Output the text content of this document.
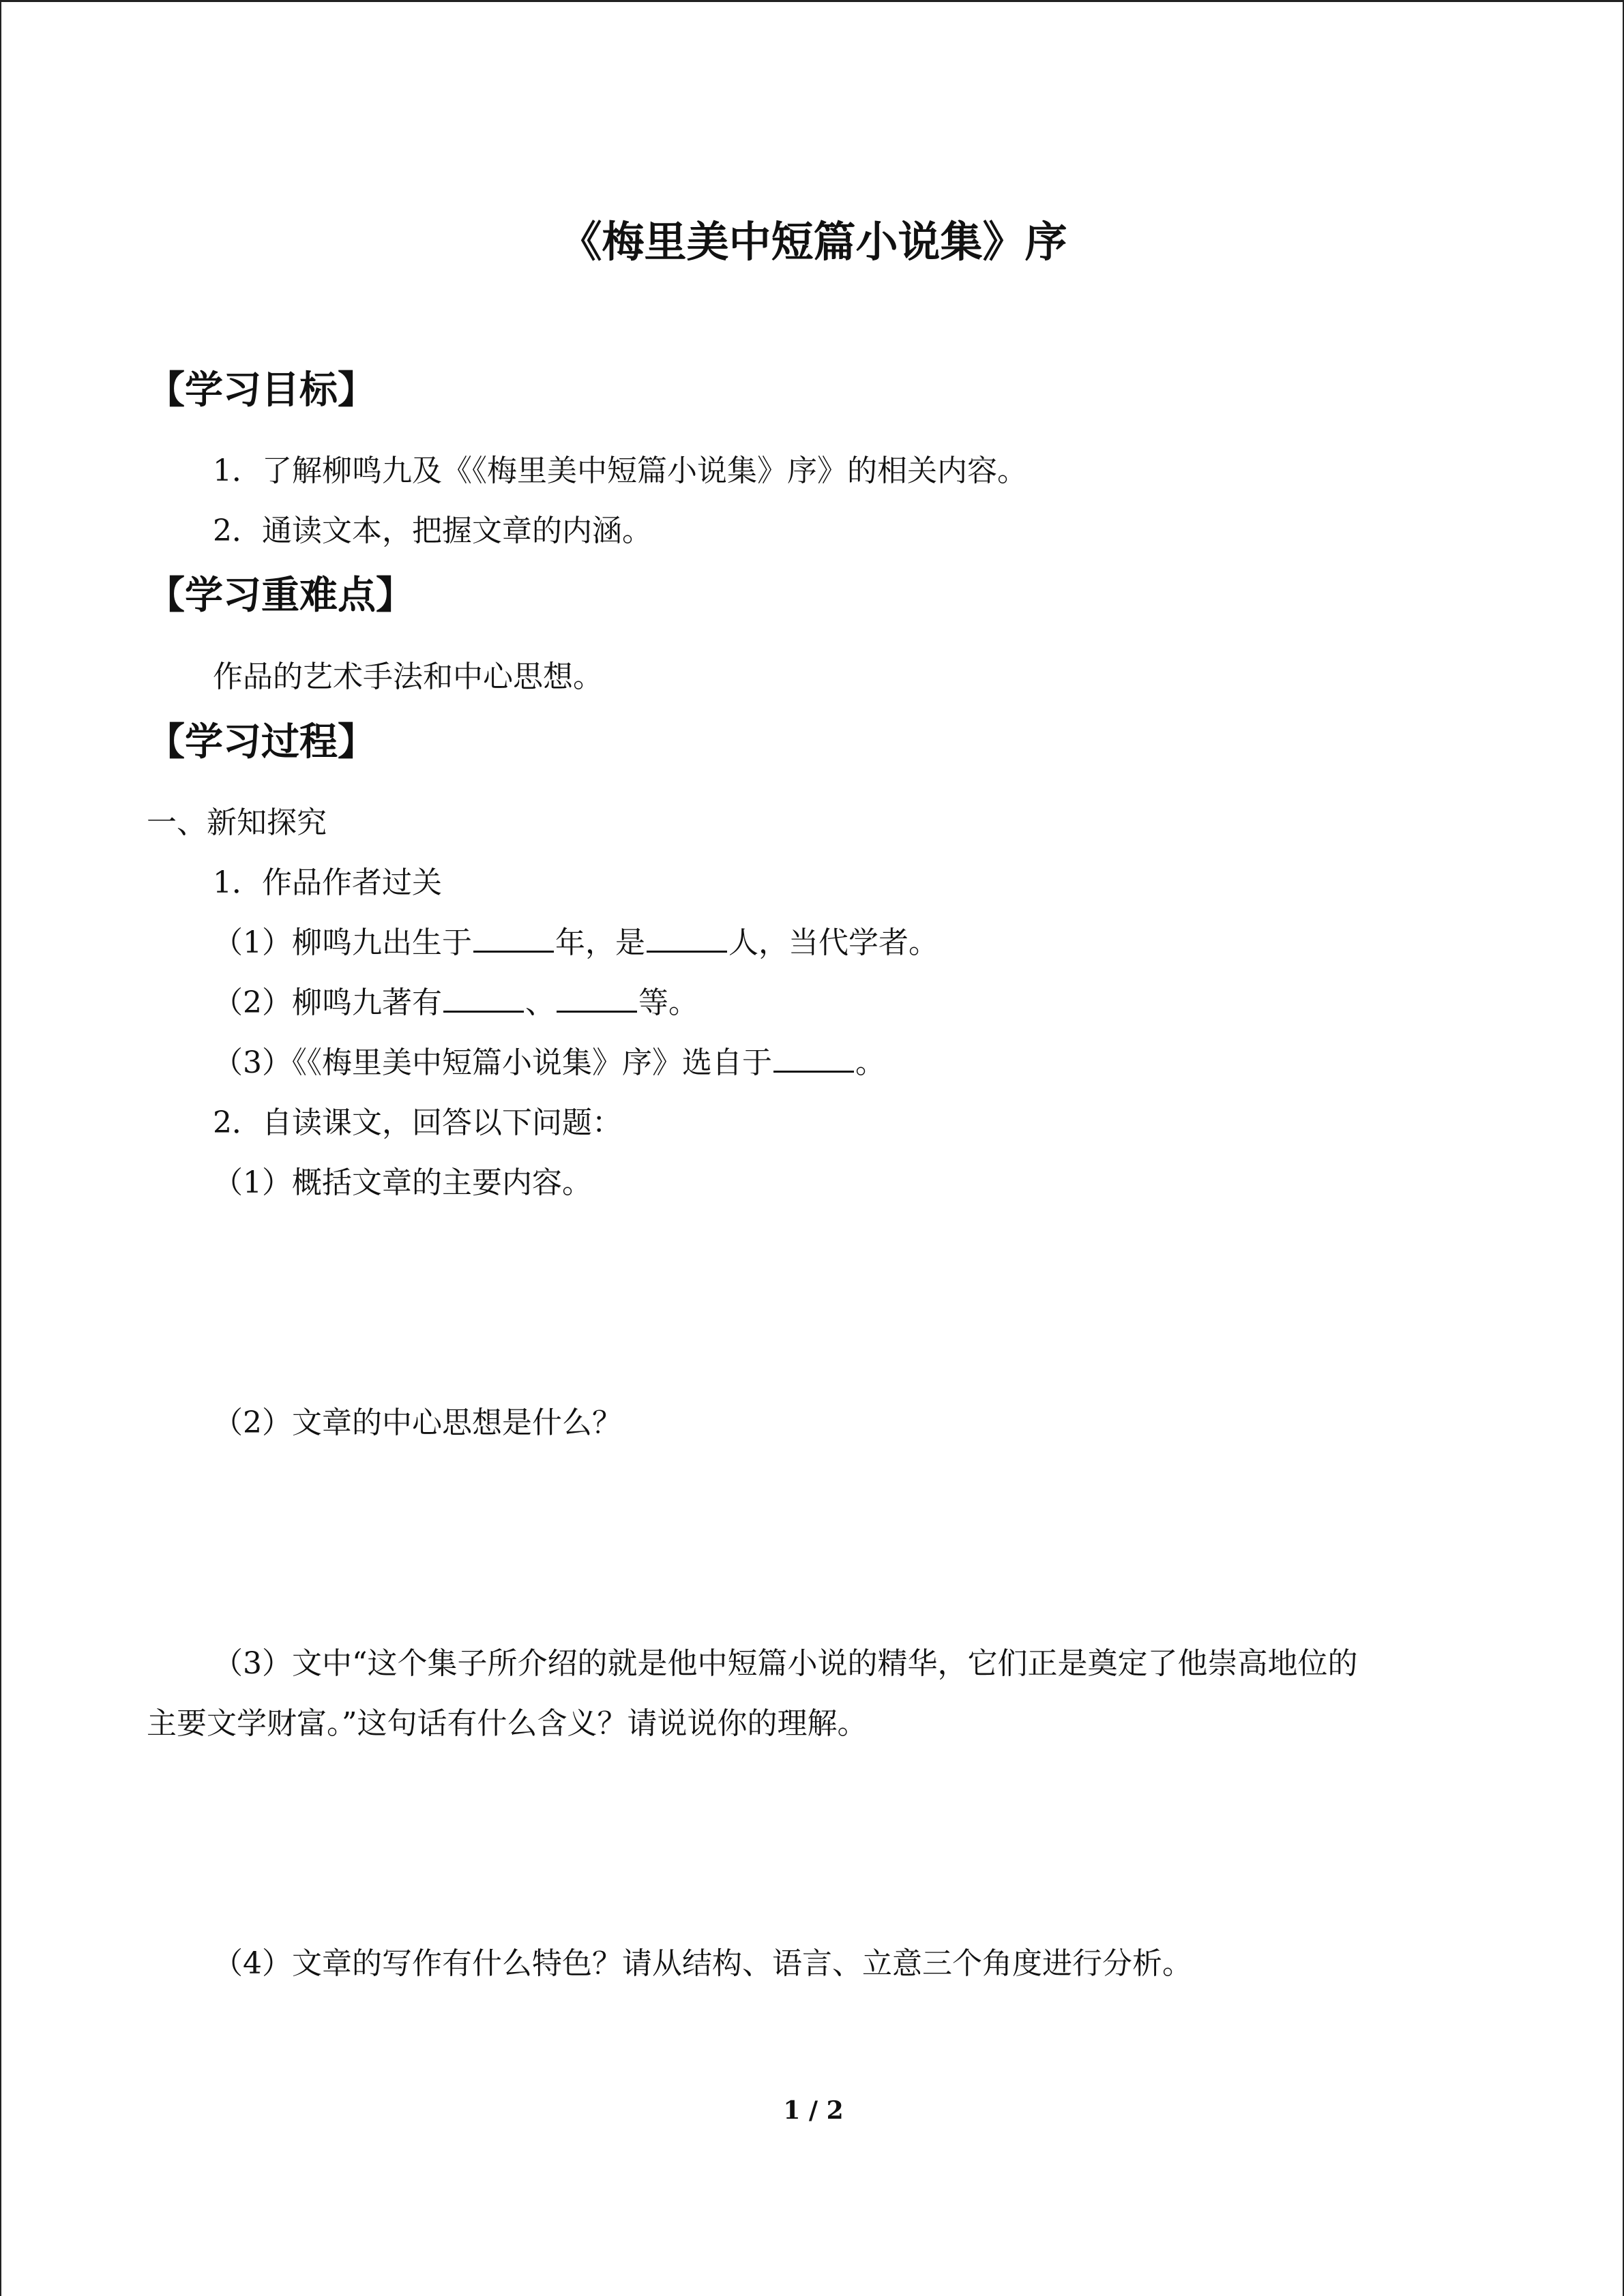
《梅里美中短篇小说集》序
【学习目标】
1．了解柳鸣九及《《梅里美中短篇小说集》序》的相关内容。
2．通读文本，把握文章的内涵。
【学习重难点】
作品的艺术手法和中心思想。
【学习过程】
一、新知探究
1．作品作者过关
（1）柳鸣九出生于	年，是	人，当代学者。
（2）柳鸣九著有	、	等。
（3）《《梅里美中短篇小说集》序》选自于	。
2．自读课文，回答以下问题：
（1）概括文章的主要内容。
（2）文章的中心思想是什么？
（3）文中“这个集子所介绍的就是他中短篇小说的精华，它们正是奠定了他崇高地位的
主要文学财富。”这句话有什么含义？请说说你的理解。
（4）文章的写作有什么特色？请从结构、语言、立意三个角度进行分析。
1 / 2
